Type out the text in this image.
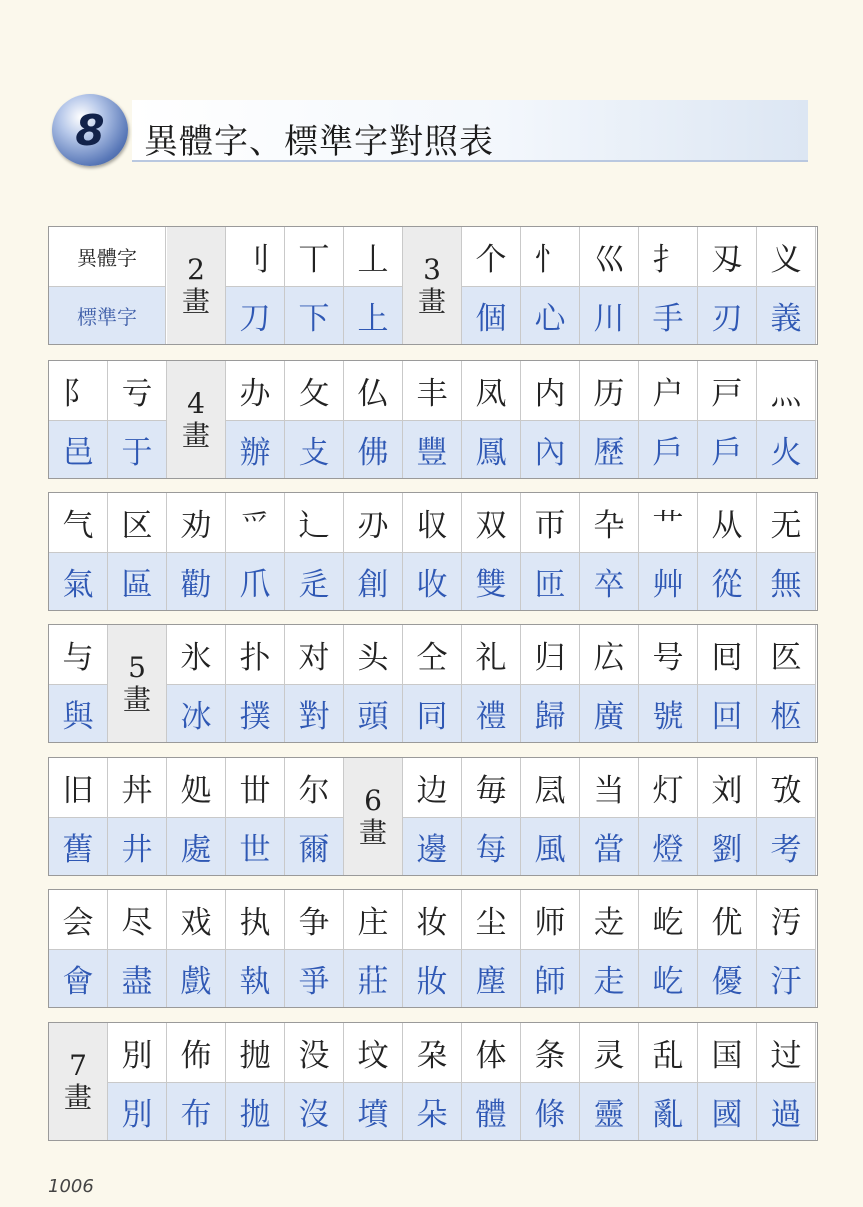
8	異體字、標準字對照表
異體字
標準字
2
畫
刂
刀
丅
下
丄
上
3
畫
个
個
忄
心
巛
川
扌
手
刄
刃
义
義
阝
邑
亏
于
4
畫
办
辦
攵
攴
仏
佛
丰
豐
凤
鳳
内
內
历
歷
户
戶
戸
戶
灬
火
气
氣
区
區
劝
勸
爫
爪
辶
辵
刅
創
収
收
双
雙
帀
匝
卆
卒
艹
艸
从
從
无
無
与
與
5
畫
氷
冰
扑
撲
对
對
头
頭
仝
同
礼
禮
归
歸
広
廣
号
號
囘
回
匛
柩
旧
舊
丼
井
処
處
丗
世
尔
爾
6
畫
边
邊
毎
每
凨
風
当
當
灯
燈
刘
劉
攷
考
会
會
尽
盡
戏
戲
执
執
争
爭
庄
莊
妆
妝
尘
塵
师
師
赱
走
屹
屹
优
優
汚
汙
7
畫
別
別
佈
布
抛
拋
没
沒
坟
墳
朶
朵
体
體
条
條
灵
靈
乱
亂
国
國
过
過
1006
